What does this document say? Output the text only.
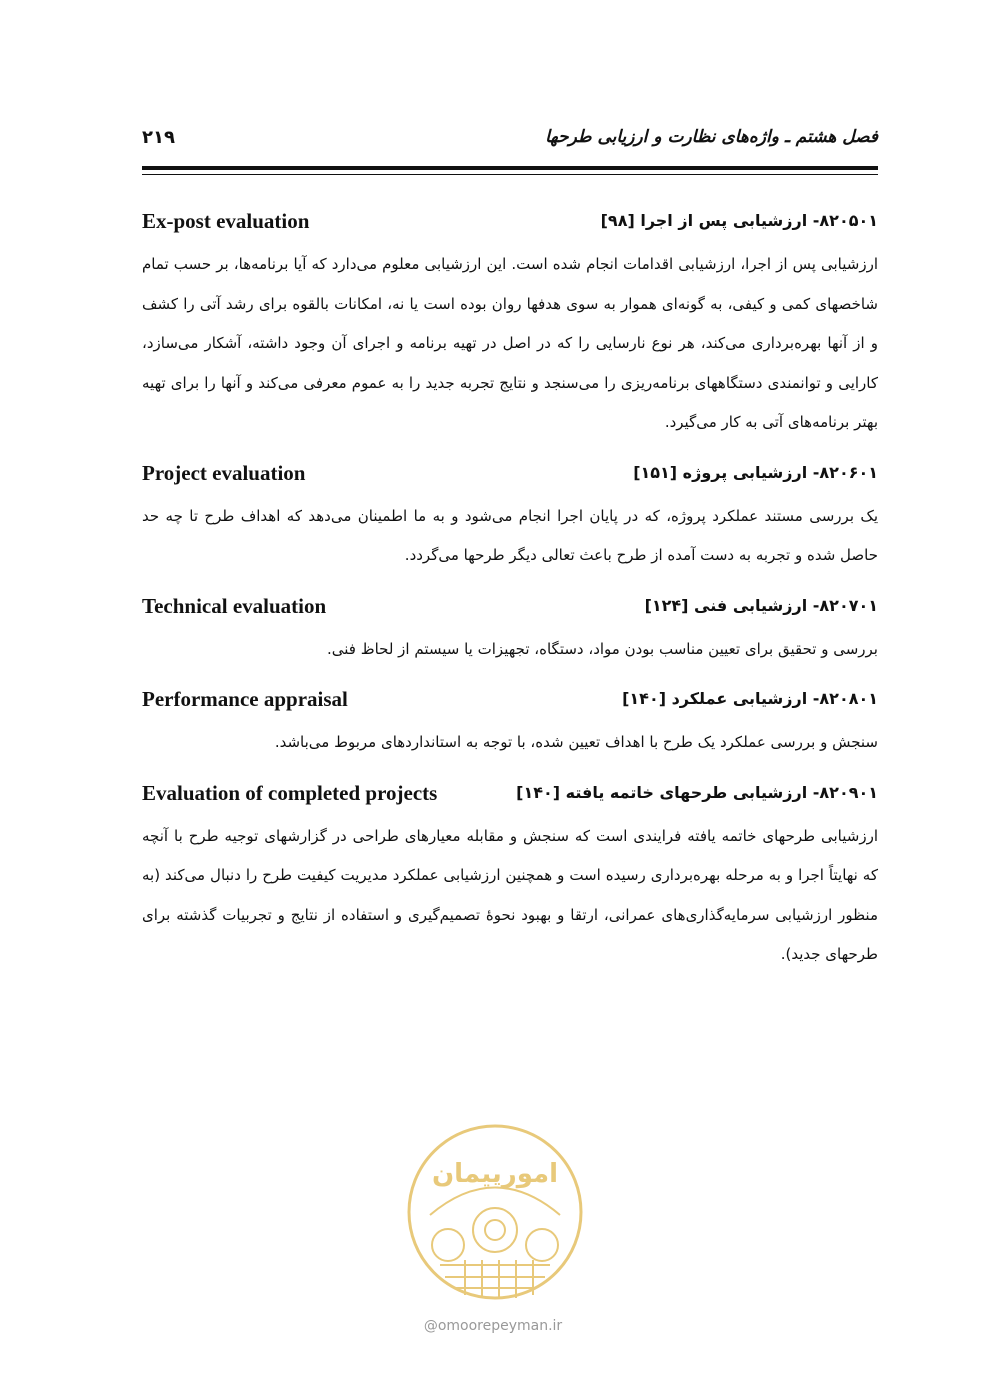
فصل هشتم ـ واژه‌های نظارت و ارزیابی طرحها
۲۱۹
۸۲۰۵۰۱- ارزشیابی پس از اجرا [۹۸]
Ex-post evaluation

ارزشیابی پس از اجرا، ارزشیابی اقدامات انجام شده است. این ارزشیابی معلوم می‌دارد که آیا برنامه‌ها، بر حسب تمام شاخصهای کمی و کیفی، به گونه‌ای هموار به سوی هدفها روان بوده است یا نه، امکانات بالقوه برای رشد آتی را کشف و از آنها بهره‌برداری می‌کند، هر نوع نارسایی را که در اصل در تهیه برنامه و اجرای آن وجود داشته، آشکار می‌سازد، کارایی و توانمندی دستگاههای برنامه‌ریزی را می‌سنجد و نتایج تجربه جدید را به عموم معرفی می‌کند و آنها را برای تهیه بهتر برنامه‌های آتی به کار می‌گیرد.

۸۲۰۶۰۱- ارزشیابی پروژه [۱۵۱]
Project evaluation

یک بررسی مستند عملکرد پروژه، که در پایان اجرا انجام می‌شود و به ما اطمینان می‌دهد که اهداف طرح تا چه حد حاصل شده و تجربه به دست آمده از طرح باعث تعالی دیگر طرحها می‌گردد.

۸۲۰۷۰۱- ارزشیابی فنی [۱۲۴]
Technical evaluation

بررسی و تحقیق برای تعیین مناسب بودن مواد، دستگاه، تجهیزات یا سیستم از لحاظ فنی.

۸۲۰۸۰۱- ارزشیابی عملکرد [۱۴۰]
Performance appraisal

سنجش و بررسی عملکرد یک طرح با اهداف تعیین شده، با توجه به استانداردهای مربوط می‌باشد.

۸۲۰۹۰۱- ارزشیابی طرحهای خاتمه یافته [۱۴۰]
Evaluation of completed projects

ارزشیابی طرحهای خاتمه یافته فرایندی است که سنجش و مقابله معیارهای طراحی در گزارشهای توجیه طرح با آنچه که نهایتاً اجرا و به مرحله بهره‌برداری رسیده است و همچنین ارزشیابی عملکرد مدیریت کیفیت طرح را دنبال می‌کند (به منظور ارزشیابی سرمایه‌گذاری‌های عمرانی، ارتقا و بهبود نحوهٔ تصمیم‌گیری و استفاده از نتایج و تجربیات گذشته برای طرحهای جدید).

امورپیمان
@omoorepeyman.ir
